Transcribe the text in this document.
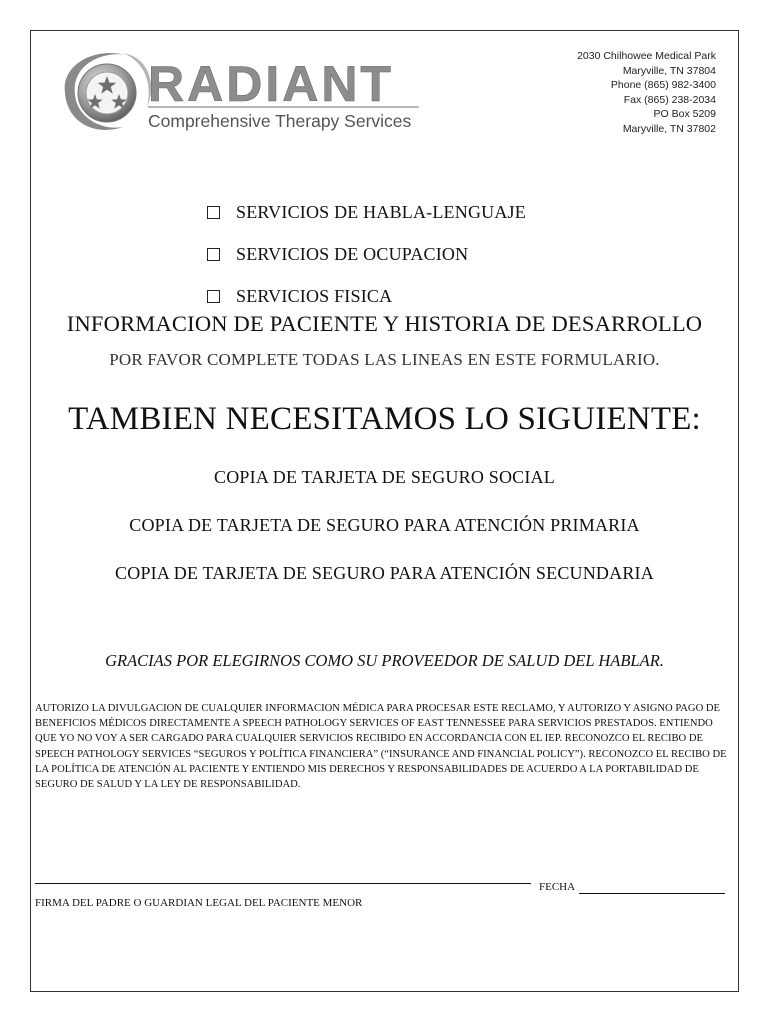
RADIANT
Comprehensive Therapy Services
2030 Chilhowee Medical Park
Maryville, TN 37804
Phone (865) 982-3400
Fax (865) 238-2034
PO Box 5209
Maryville, TN 37802
SERVICIOS DE HABLA-LENGUAJE
SERVICIOS DE OCUPACION
SERVICIOS FISICA
INFORMACION DE PACIENTE Y HISTORIA DE DESARROLLO
POR FAVOR COMPLETE TODAS LAS LINEAS EN ESTE FORMULARIO.
TAMBIEN NECESITAMOS LO SIGUIENTE:
COPIA DE TARJETA DE SEGURO SOCIAL
COPIA DE TARJETA DE SEGURO PARA ATENCIÓN PRIMARIA
COPIA DE TARJETA DE SEGURO PARA ATENCIÓN SECUNDARIA
GRACIAS POR ELEGIRNOS COMO SU PROVEEDOR DE SALUD DEL HABLAR.
AUTORIZO LA DIVULGACION DE CUALQUIER INFORMACION MÉDICA PARA PROCESAR ESTE RECLAMO, Y AUTORIZO Y ASIGNO PAGO DE BENEFICIOS MÉDICOS DIRECTAMENTE A SPEECH PATHOLOGY SERVICES OF EAST TENNESSEE PARA SERVICIOS PRESTADOS. ENTIENDO QUE YO NO VOY A SER CARGADO PARA CUALQUIER SERVICIOS RECIBIDO EN ACCORDANCIA CON EL IEP. RECONOZCO EL RECIBO DE SPEECH PATHOLOGY SERVICES “SEGUROS Y POLÍTICA FINANCIERA” (“INSURANCE AND FINANCIAL POLICY”). RECONOZCO EL RECIBO DE LA POLÍTICA DE ATENCIÓN AL PACIENTE Y ENTIENDO MIS DERECHOS Y RESPONSABILIDADES DE ACUERDO A LA PORTABILIDAD DE SEGURO DE SALUD Y LA LEY DE RESPONSABILIDAD.
FECHA
FIRMA DEL PADRE O GUARDIAN LEGAL DEL PACIENTE MENOR
